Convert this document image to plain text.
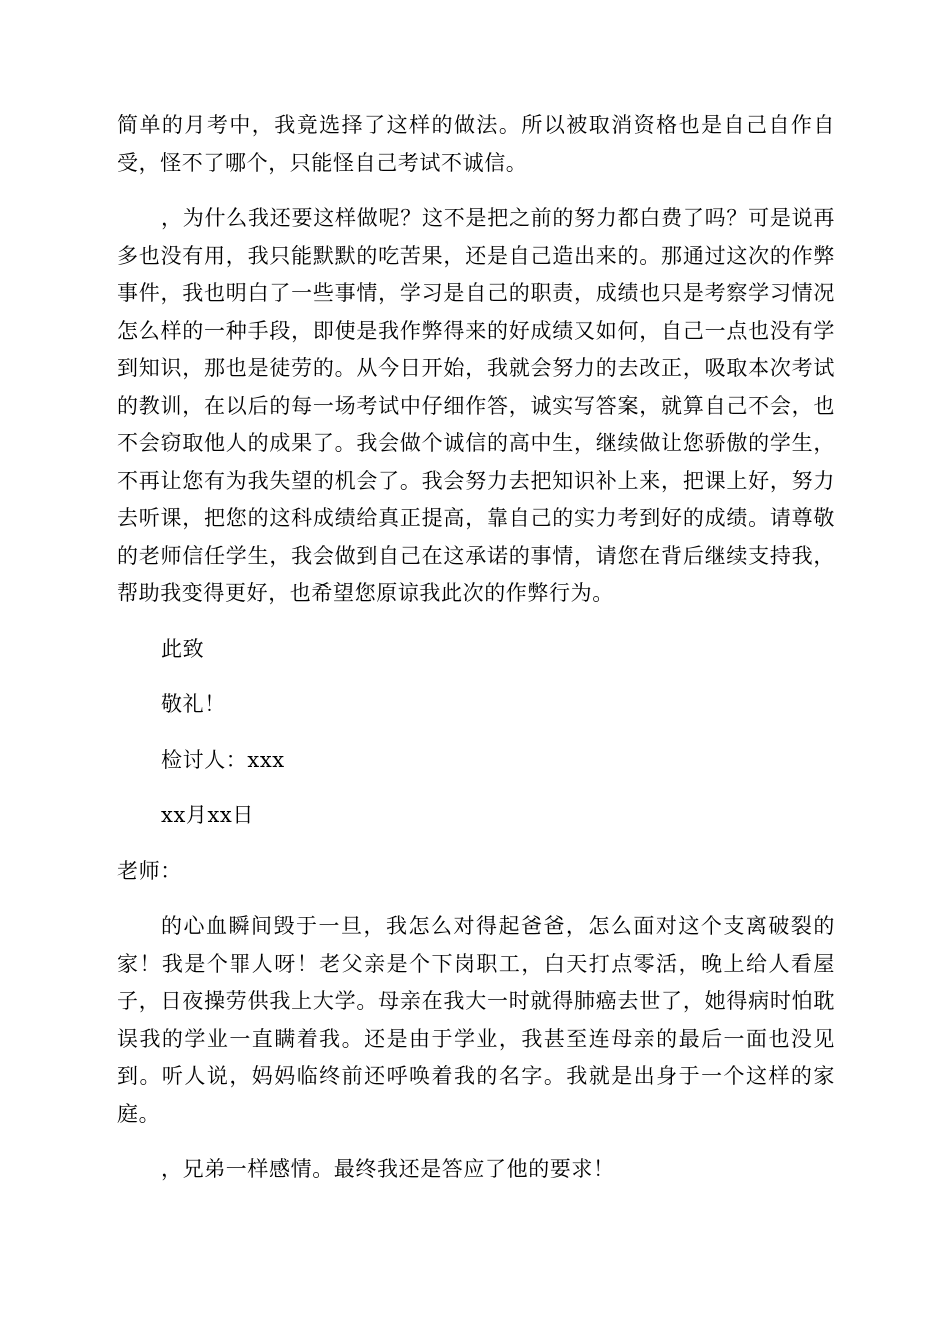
简单的月考中，我竟选择了这样的做法。所以被取消资格也是自己自作自受，怪不了哪个，只能怪自己考试不诚信。

，为什么我还要这样做呢？这不是把之前的努力都白费了吗？可是说再多也没有用，我只能默默的吃苦果，还是自己造出来的。那通过这次的作弊事件，我也明白了一些事情，学习是自己的职责，成绩也只是考察学习情况怎么样的一种手段，即使是我作弊得来的好成绩又如何，自己一点也没有学到知识，那也是徒劳的。从今日开始，我就会努力的去改正，吸取本次考试的教训，在以后的每一场考试中仔细作答，诚实写答案，就算自己不会，也不会窃取他人的成果了。我会做个诚信的高中生，继续做让您骄傲的学生，不再让您有为我失望的机会了。我会努力去把知识补上来，把课上好，努力去听课，把您的这科成绩给真正提高，靠自己的实力考到好的成绩。请尊敬的老师信任学生，我会做到自己在这承诺的事情，请您在背后继续支持我，帮助我变得更好，也希望您原谅我此次的作弊行为。

此致
敬礼！
检讨人：xxx
xx月xx日
老师：

的心血瞬间毁于一旦，我怎么对得起爸爸，怎么面对这个支离破裂的家！我是个罪人呀！老父亲是个下岗职工，白天打点零活，晚上给人看屋子，日夜操劳供我上大学。母亲在我大一时就得肺癌去世了，她得病时怕耽误我的学业一直瞒着我。还是由于学业，我甚至连母亲的最后一面也没见到。听人说，妈妈临终前还呼唤着我的名字。我就是出身于一个这样的家庭。

，兄弟一样感情。最终我还是答应了他的要求！
